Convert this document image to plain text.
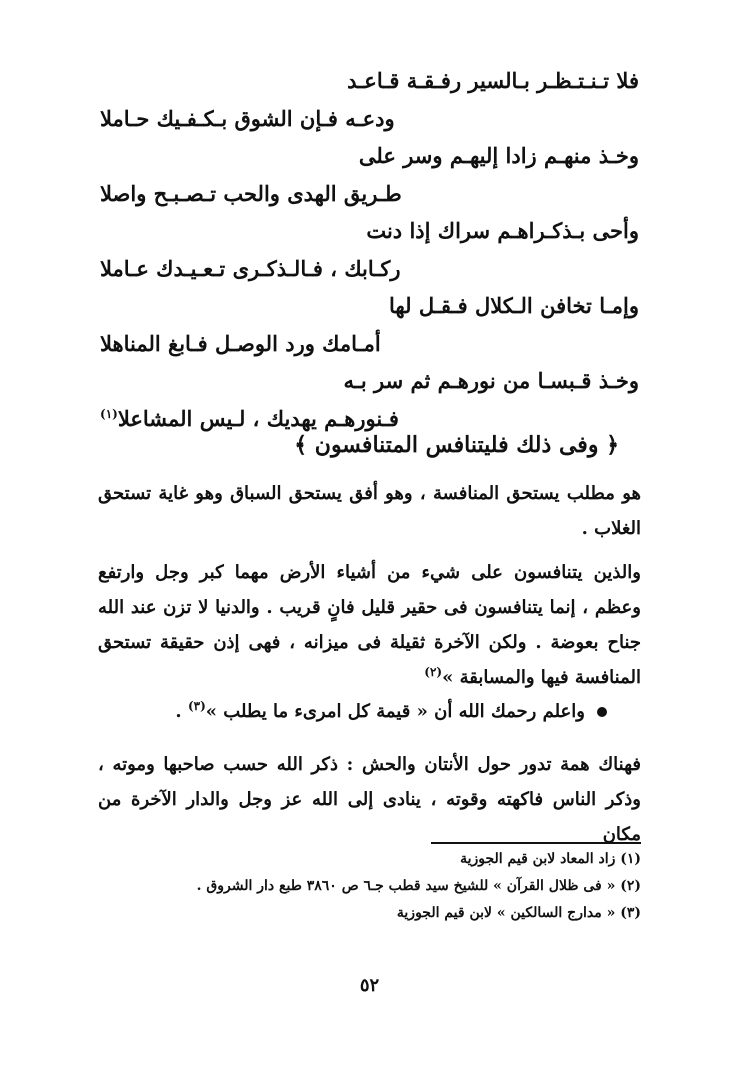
فلا تـنـتـظـر بـالسير رفـقـة قـاعـد
ودعـه فـإن الشوق بـكـفـيك حـاملا
وخـذ منهـم زادا إليهـم وسر على
طـريق الهدى والحب تـصـبـح واصلا
وأحى بـذكـراهـم سراك إذا دنت
ركـابك ، فـالـذكـرى تـعـيـدك عـاملا
وإمـا تخافن الـكلال فـقـل لها
أمـامك ورد الوصـل فـابغ المناهلا
وخـذ قـبسـا من نورهـم ثم سر بـه
فـنورهـم يهديك ، لـيس المشاعلا$^{(١)}$
﴿ وفى ذلك فليتنافس المتنافسون ﴾
هو مطلب يستحق المنافسة ، وهو أفق يستحق السباق وهو غاية تستحق الغلاب .
والذين يتنافسون على شيء من أشياء الأرض مهما كبر وجل وارتفع وعظم ، إنما يتنافسون فى حقير قليل فانٍ قريب . والدنيا لا تزن عند الله جناح بعوضة . ولكن الآخرة ثقيلة فى ميزانه ، فهى إذن حقيقة تستحق المنافسة فيها والمسابقة »$^{(٢)}$
واعلم رحمك الله أن « قيمة كل امرىء ما يطلب »$^{(٣)}$ .
فهناك همة تدور حول الأنتان والحش : ذكر الله حسب صاحبها وموته ، وذكر الناس فاكهته وقوته ، ينادى إلى الله عز وجل والدار الآخرة من مكان
(١) زاد المعاد لابن قيم الجوزية
(٢) « فى ظلال القرآن » للشيخ سيد قطب جـ٦ ص ٣٨٦٠ طبع دار الشروق .
(٣) « مدارج السالكين » لابن قيم الجوزية
٥٢
